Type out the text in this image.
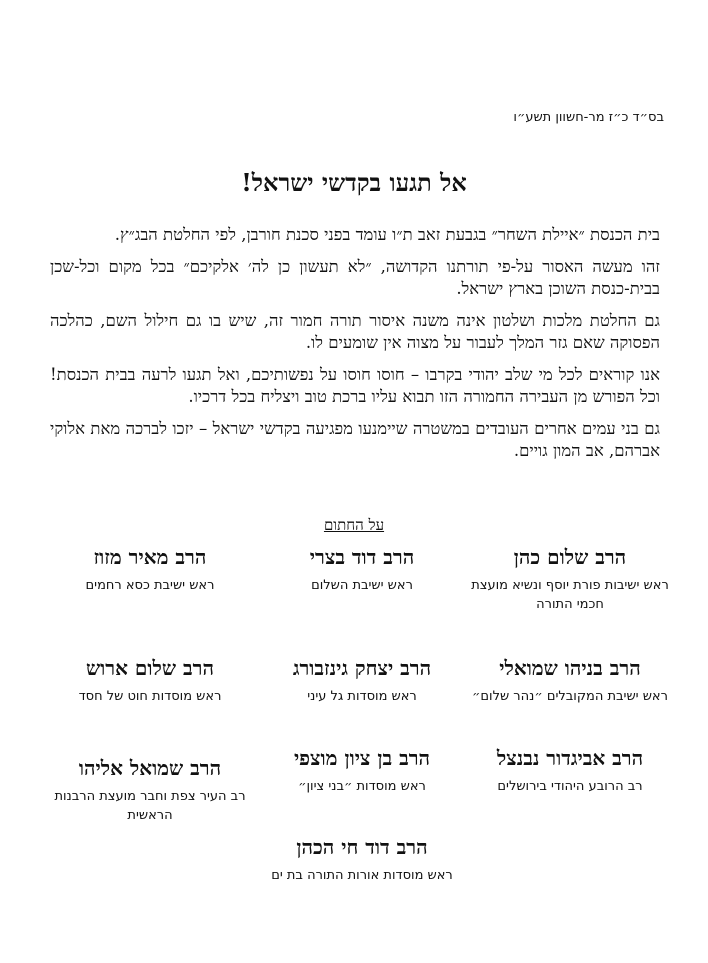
בס״ד כ״ז מר-חשוון תשע״ו
אל תגעו בקדשי ישראל!

בית הכנסת ״איילת השחר״ בגבעת זאב ת״ו עומד בפני סכנת חורבן, לפי החלטת הבג״ץ.

זהו מעשה האסור על-פי תורתנו הקדושה, ״לא תעשון כן לה׳ אלקיכם״ בכל מקום וכל-שכן בבית-כנסת השוכן בארץ ישראל.

גם החלטת מלכות ושלטון אינה משנה איסור תורה חמור זה, שיש בו גם חילול השם, כהלכה הפסוקה שאם גזר המלך לעבור על מצוה אין שומעים לו.

אנו קוראים לכל מי שלב יהודי בקרבו – חוסו חוסו על נפשותיכם, ואל תגעו לרעה בבית הכנסת! וכל הפורש מן העבירה החמורה הזו תבוא עליו ברכת טוב ויצליח בכל דרכיו.

גם בני עמים אחרים העובדים במשטרה שיימנעו מפגיעה בקדשי ישראל – יזכו לברכה מאת אלוקי אברהם, אב המון גויים.

על החתום
הרב שלום כהן
ראש ישיבות פורת יוסף ונשיא מועצת חכמי התורה
הרב דוד בצרי
ראש ישיבת השלום
הרב מאיר מזוז
ראש ישיבת כסא רחמים
הרב בניהו שמואלי
ראש ישיבת המקובלים ״נהר שלום״
הרב יצחק גינזבורג
ראש מוסדות גל עיני
הרב שלום ארוש
ראש מוסדות חוט של חסד
הרב אביגדור נבנצל
רב הרובע היהודי בירושלים
הרב בן ציון מוצפי
ראש מוסדות ״בני ציון״
הרב שמואל אליהו
רב העיר צפת וחבר מועצת הרבנות הראשית
הרב דוד חי הכהן
ראש מוסדות אורות התורה בת ים
